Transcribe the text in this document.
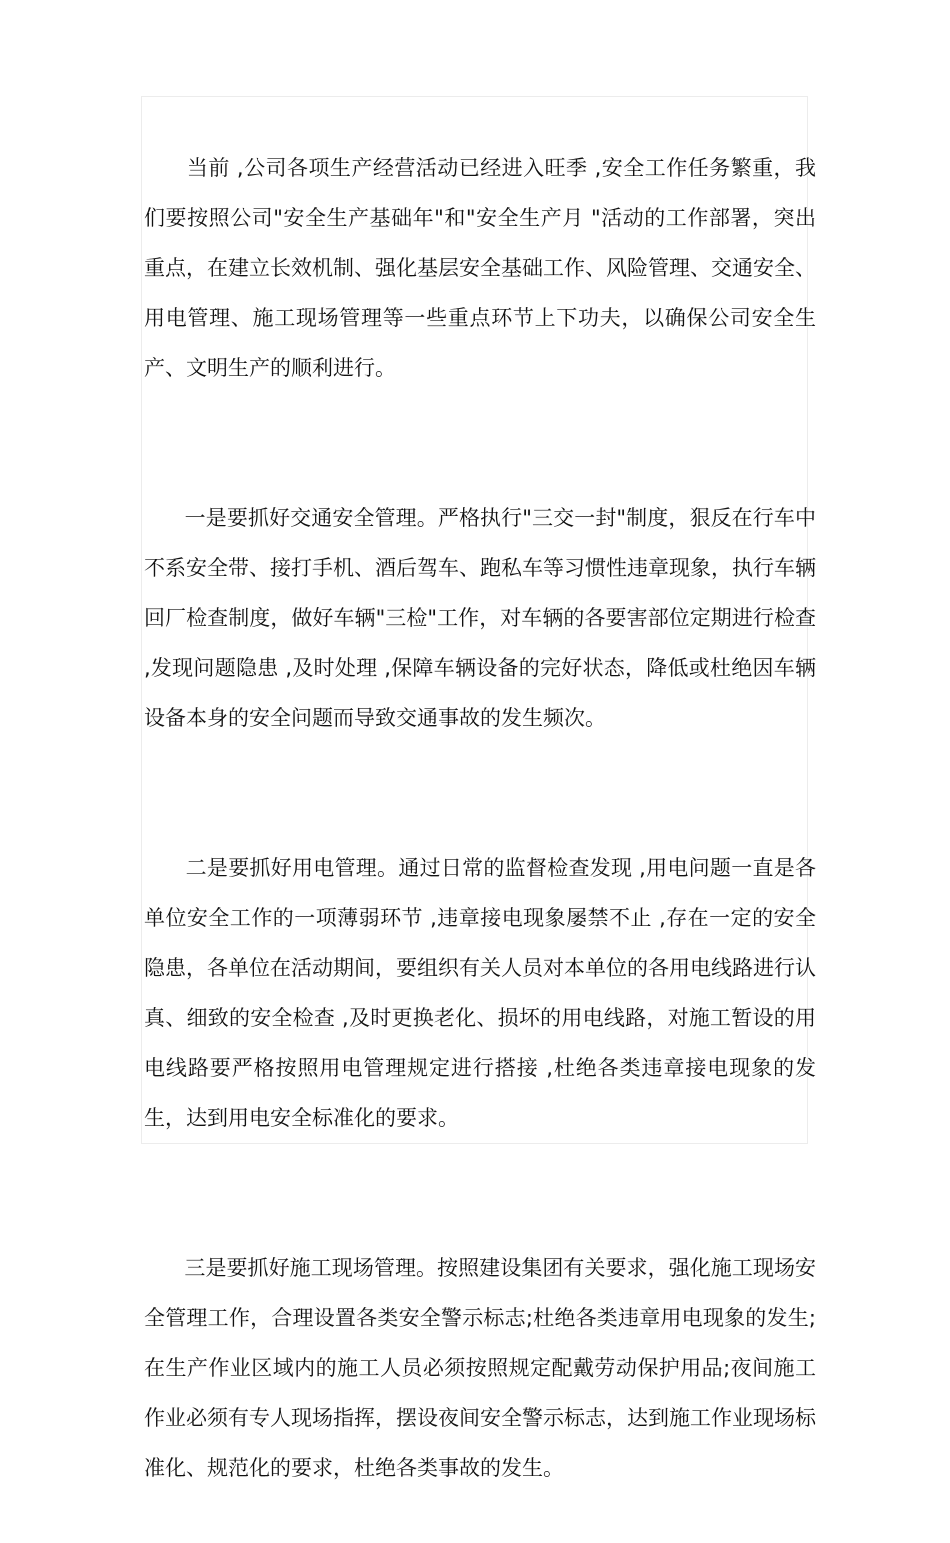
当前 ,公司各项生产经营活动已经进入旺季 ,安全工作任务繁重，我们要按照公司"安全生产基础年"和"安全生产月 "活动的工作部署，突出重点，在建立长效机制、强化基层安全基础工作、风险管理、交通安全、用电管理、施工现场管理等一些重点环节上下功夫，以确保公司安全生产、文明生产的顺利进行。

一是要抓好交通安全管理。严格执行"三交一封"制度，狠反在行车中不系安全带、接打手机、酒后驾车、跑私车等习惯性违章现象，执行车辆回厂检查制度，做好车辆"三检"工作，对车辆的各要害部位定期进行检查 ,发现问题隐患 ,及时处理 ,保障车辆设备的完好状态，降低或杜绝因车辆设备本身的安全问题而导致交通事故的发生频次。

二是要抓好用电管理。通过日常的监督检查发现 ,用电问题一直是各单位安全工作的一项薄弱环节 ,违章接电现象屡禁不止 ,存在一定的安全隐患，各单位在活动期间，要组织有关人员对本单位的各用电线路进行认真、细致的安全检查 ,及时更换老化、损坏的用电线路，对施工暂设的用电线路要严格按照用电管理规定进行搭接 ,杜绝各类违章接电现象的发生，达到用电安全标准化的要求。

三是要抓好施工现场管理。按照建设集团有关要求，强化施工现场安全管理工作，合理设置各类安全警示标志;杜绝各类违章用电现象的发生;在生产作业区域内的施工人员必须按照规定配戴劳动保护用品;夜间施工作业必须有专人现场指挥，摆设夜间安全警示标志，达到施工作业现场标准化、规范化的要求，杜绝各类事故的发生。
